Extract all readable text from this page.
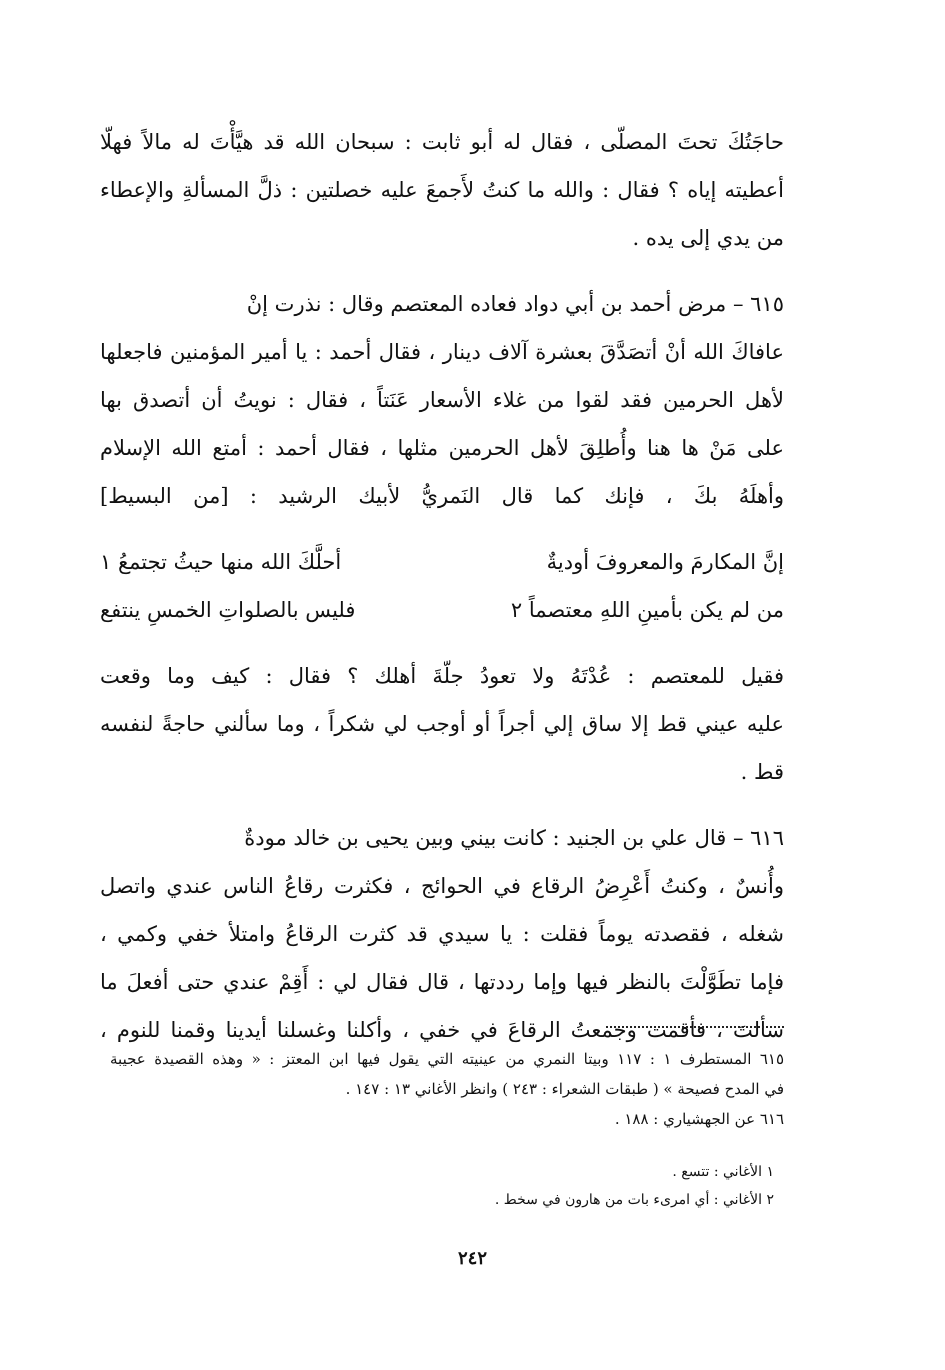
حاجَتُكَ تحتَ المصلّى ، فقال له أبو ثابت : سبحان الله قد هيَّأْتَ له مالاً فهلّا
أعطيته إياه ؟ فقال : والله ما كنتُ لأَجمعَ عليه خصلتين : ذلَّ المسألةِ والإعطاء
من يدي إلى يده .
٦١٥ – مرض أحمد بن أبي دواد فعاده المعتصم وقال : نذرت إنْ
عافاكَ الله أنْ أتصَدَّقَ بعشرة آلاف دينار ، فقال أحمد : يا أمير المؤمنين فاجعلها
لأهل الحرمين فقد لقوا من غلاء الأسعار عَنَتاً ، فقال : نويتُ أن أتصدق بها
على مَنْ ها هنا وأُطلِقَ لأهل الحرمين مثلها ، فقال أحمد : أمتع الله الإسلام
وأهلَهُ بكَ ، فإنك كما قال النَمريُّ لأبيك الرشيد : [من البسيط]
إنَّ المكارمَ والمعروفَ أوديةٌ
أحلَّكَ الله منها حيثُ تجتمعُ ١
من لم يكن بأمينِ اللهِ معتصماً ٢
فليس بالصلواتِ الخمسِ ينتفع
فقيل للمعتصم : عُدْتَهُ ولا تعودُ جلّةَ أهلك ؟ فقال : كيف وما وقعت
عليه عيني قط إلا ساق إلي أجراً أو أوجب لي شكراً ، وما سألني حاجةً لنفسه
قط .
٦١٦ – قال علي بن الجنيد : كانت بيني وبين يحيى بن خالد مودةٌ
وأُنسٌ ، وكنتُ أَعْرِضُ الرقاع في الحوائج ، فكثرت رقاعُ الناس عندي واتصل
شغله ، فقصدته يوماً فقلت : يا سيدي قد كثرت الرقاعُ وامتلأ خفي وكمي ،
فإما تطَوَّلْتَ بالنظر فيها وإما رددتها ، قال فقال لي : أَقِمْ عندي حتى أفعلَ ما
سألتَ ، فأقمت وجمعتُ الرقاعَ في خفي ، وأكلنا وغسلنا أيدينا وقمنا للنوم ،
٦١٥ المستطرف ١ : ١١٧ وبيتا النمري من عينيته التي يقول فيها ابن المعتز : « وهذه القصيدة عجيبة
في المدح فصيحة » ( طبقات الشعراء : ٢٤٣ ) وانظر الأغاني ١٣ : ١٤٧ .
٦١٦ عن الجهشياري : ١٨٨ .
١ الأغاني : تتسع .
٢ الأغاني : أي امرىء بات من هارون في سخط .
٢٤٢
